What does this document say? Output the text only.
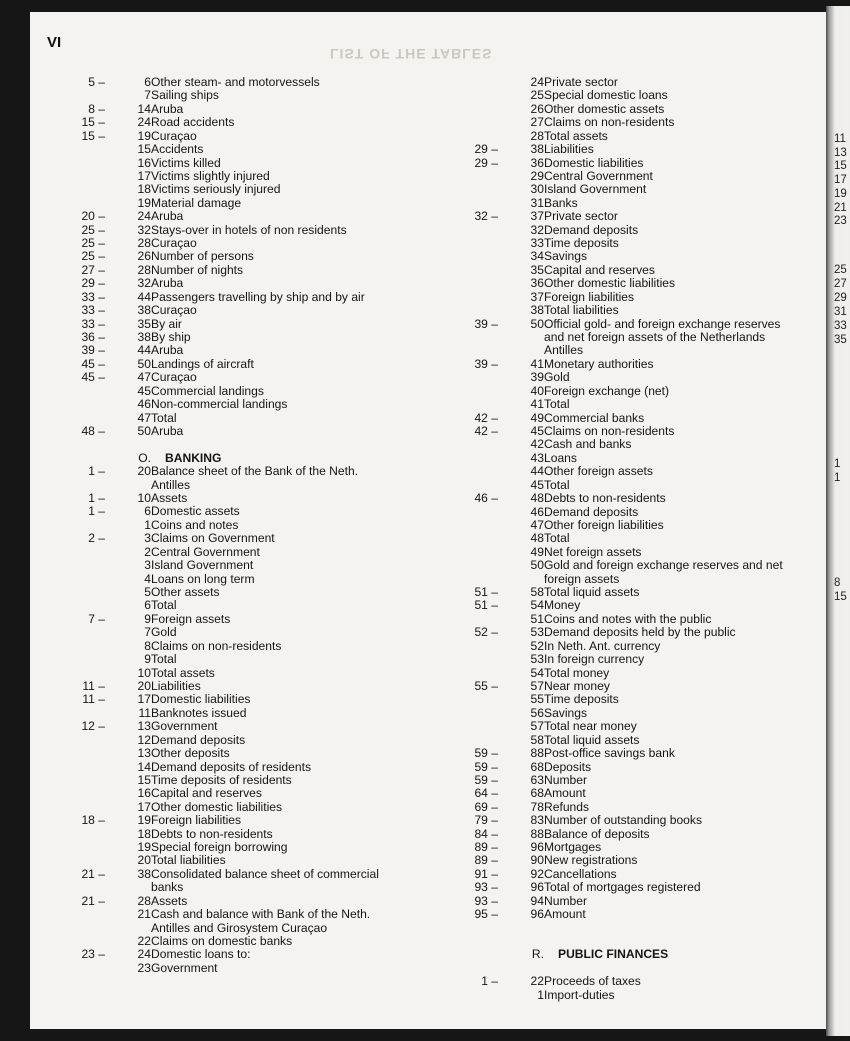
LIST OF THE TABLES
VI
5 –	6 Other steam- and motorvessels
7 Sailing ships
8 –	14 Aruba
15 –	24 Road accidents
15 –	19 Curaçao
15 Accidents
16 Victims killed
17 Victims slightly injured
18 Victims seriously injured
19 Material damage
20 –	24 Aruba
25 –	32 Stays-over in hotels of non residents
25 –	28 Curaçao
25 –	26 Number of persons
27 –	28 Number of nights
29 –	32 Aruba
33 –	44 Passengers travelling by ship and by air
33 –	38 Curaçao
33 –	35 By air
36 –	38 By ship
39 –	44 Aruba
45 –	50 Landings of aircraft
45 –	47 Curaçao
45 Commercial landings
46 Non-commercial landings
47 Total
48 –	50 Aruba
O.	BANKING
1 –	20 Balance sheet of the Bank of the Neth.
Antilles
1 –	10 Assets
1 –	6 Domestic assets
1 Coins and notes
2 –	3 Claims on Government
2 Central Government
3 Island Government
4 Loans on long term
5 Other assets
6 Total
7 –	9 Foreign assets
7 Gold
8 Claims on non-residents
9 Total
10 Total assets
11 –	20 Liabilities
11 –	17 Domestic liabilities
11 Banknotes issued
12 –	13 Government
12 Demand deposits
13 Other deposits
14 Demand deposits of residents
15 Time deposits of residents
16 Capital and reserves
17 Other domestic liabilities
18 –	19 Foreign liabilities
18 Debts to non-residents
19 Special foreign borrowing
20 Total liabilities
21 –	38 Consolidated balance sheet of commercial
banks
21 –	28 Assets
21 Cash and balance with Bank of the Neth.
Antilles and Girosystem Curaçao
22 Claims on domestic banks
23 –	24 Domestic loans to:
23 Government
24 Private sector
25 Special domestic loans
26 Other domestic assets
27 Claims on non-residents
28 Total assets
29 –	38 Liabilities
29 –	36 Domestic liabilities
29 Central Government
30 Island Government
31 Banks
32 –	37 Private sector
32 Demand deposits
33 Time deposits
34 Savings
35 Capital and reserves
36 Other domestic liabilities
37 Foreign liabilities
38 Total liabilities
39 –	50 Official gold- and foreign exchange reserves
and net foreign assets of the Netherlands
Antilles
39 –	41 Monetary authorities
39 Gold
40 Foreign exchange (net)
41 Total
42 –	49 Commercial banks
42 –	45 Claims on non-residents
42 Cash and banks
43 Loans
44 Other foreign assets
45 Total
46 –	48 Debts to non-residents
46 Demand deposits
47 Other foreign liabilities
48 Total
49 Net foreign assets
50 Gold and foreign exchange reserves and net
foreign assets
51 –	58 Total liquid assets
51 –	54 Money
51 Coins and notes with the public
52 –	53 Demand deposits held by the public
52 In Neth. Ant. currency
53 In foreign currency
54 Total money
55 –	57 Near money
55 Time deposits
56 Savings
57 Total near money
58 Total liquid assets
59 –	88 Post-office savings bank
59 –	68 Deposits
59 –	63 Number
64 –	68 Amount
69 –	78 Refunds
79 –	83 Number of outstanding books
84 –	88 Balance of deposits
89 –	96 Mortgages
89 –	90 New registrations
91 –	92 Cancellations
93 –	96 Total of mortgages registered
93 –	94 Number
95 –	96 Amount
R.	PUBLIC FINANCES
1 –	22 Proceeds of taxes
1 Import-duties
11
13
15
17
19
21
23
25
27
29
31
33
35
1
1
8
15
